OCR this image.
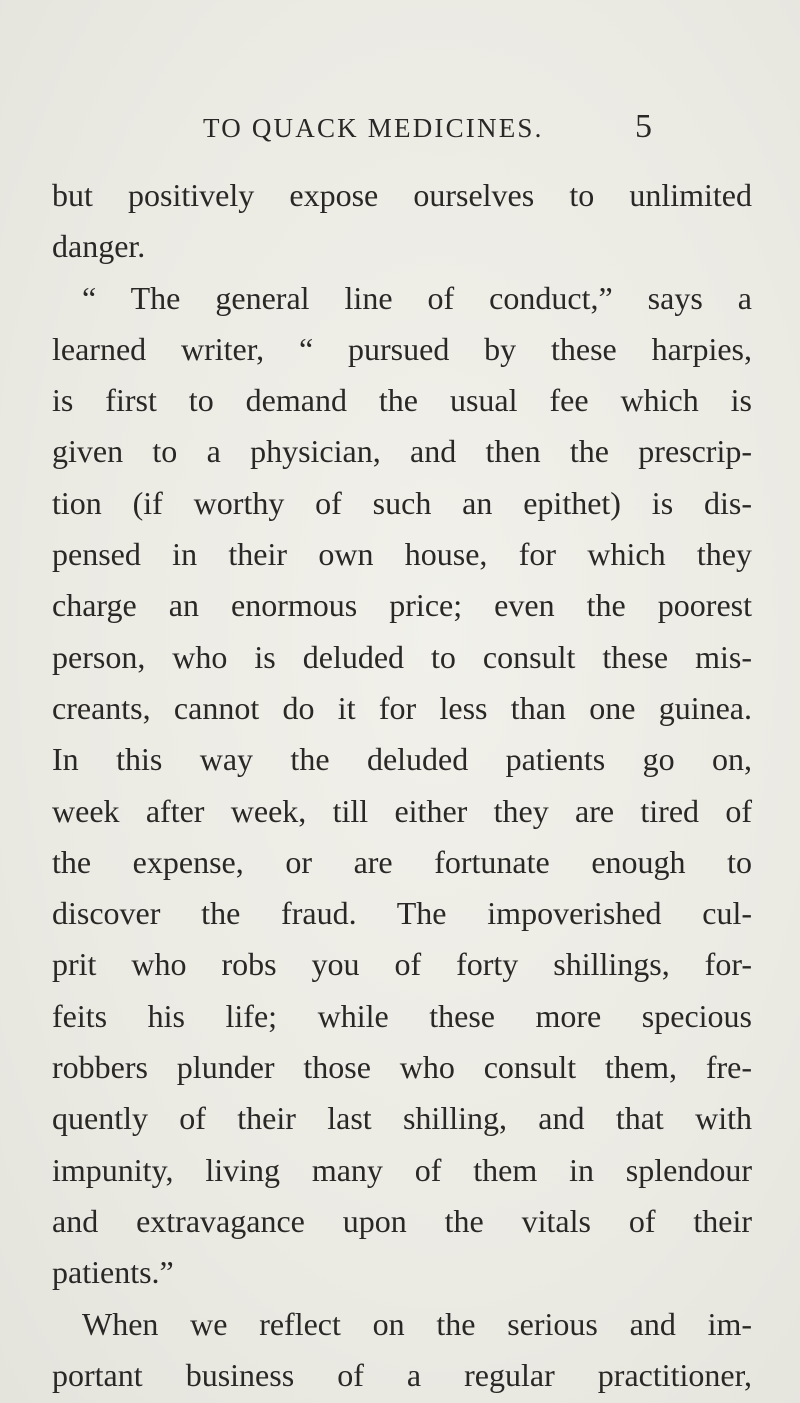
TO QUACK MEDICINES.	5
but positively expose ourselves to unlimited
danger.
“ The general line of conduct,” says a
learned writer, “ pursued by these harpies,
is first to demand the usual fee which is
given to a physician, and then the prescrip-
tion (if worthy of such an epithet) is dis-
pensed in their own house, for which they
charge an enormous price; even the poorest
person, who is deluded to consult these mis-
creants, cannot do it for less than one guinea.
In this way the deluded patients go on,
week after week, till either they are tired of
the expense, or are fortunate enough to
discover the fraud. The impoverished cul-
prit who robs you of forty shillings, for-
feits his life; while these more specious
robbers plunder those who consult them, fre-
quently of their last shilling, and that with
impunity, living many of them in splendour
and extravagance upon the vitals of their
patients.”
When we reflect on the serious and im-
portant business of a regular practitioner,
